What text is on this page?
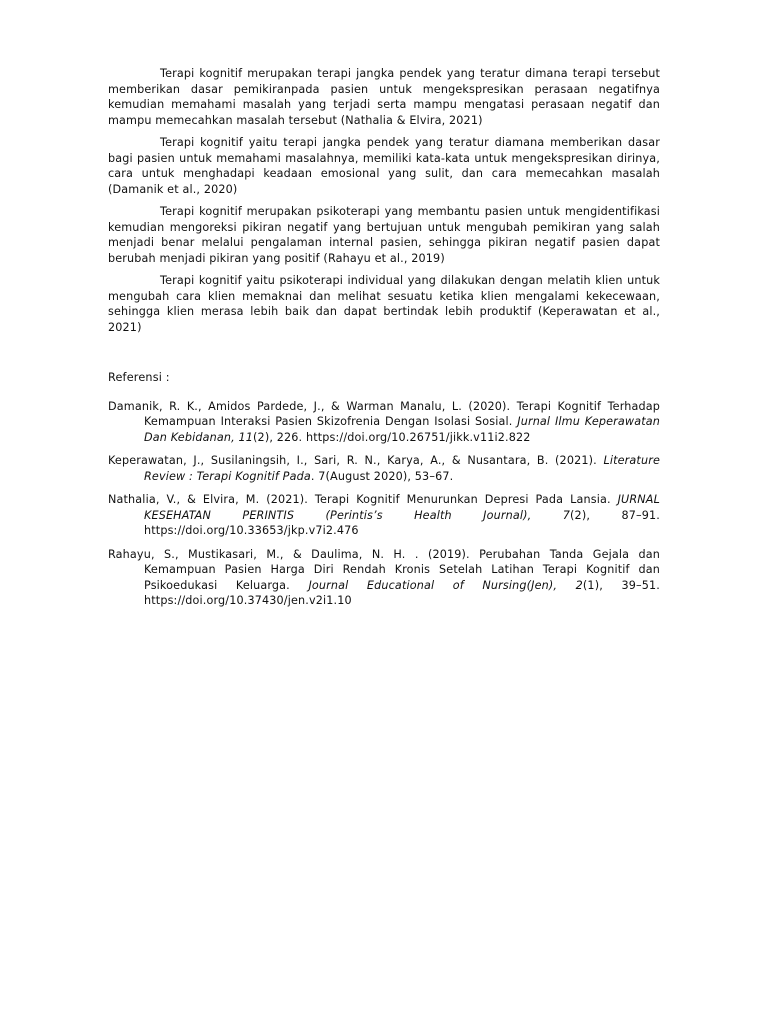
Terapi kognitif merupakan terapi jangka pendek yang teratur dimana terapi tersebut memberikan dasar pemikiranpada pasien untuk mengekspresikan perasaan negatifnya kemudian memahami masalah yang terjadi serta mampu mengatasi perasaan negatif dan mampu memecahkan masalah tersebut (Nathalia & Elvira, 2021)

Terapi kognitif yaitu terapi jangka pendek yang teratur diamana memberikan dasar bagi pasien untuk memahami masalahnya, memiliki kata-kata untuk mengekspresikan dirinya, cara untuk menghadapi keadaan emosional yang sulit, dan cara memecahkan masalah (Damanik et al., 2020)

Terapi kognitif merupakan psikoterapi yang membantu pasien untuk mengidentifikasi kemudian mengoreksi pikiran negatif yang bertujuan untuk mengubah pemikiran yang salah menjadi benar melalui pengalaman internal pasien, sehingga pikiran negatif pasien dapat berubah menjadi pikiran yang positif (Rahayu et al., 2019)

Terapi kognitif yaitu psikoterapi individual yang dilakukan dengan melatih klien untuk mengubah cara klien memaknai dan melihat sesuatu ketika klien mengalami kekecewaan, sehingga klien merasa lebih baik dan dapat bertindak lebih produktif (Keperawatan et al., 2021)

Referensi :

Damanik, R. K., Amidos Pardede, J., & Warman Manalu, L. (2020). Terapi Kognitif Terhadap Kemampuan Interaksi Pasien Skizofrenia Dengan Isolasi Sosial. Jurnal Ilmu Keperawatan Dan Kebidanan, 11(2), 226. https://doi.org/10.26751/jikk.v11i2.822

Keperawatan, J., Susilaningsih, I., Sari, R. N., Karya, A., & Nusantara, B. (2021). Literature Review : Terapi Kognitif Pada. 7(August 2020), 53–67.

Nathalia, V., & Elvira, M. (2021). Terapi Kognitif Menurunkan Depresi Pada Lansia. JURNAL KESEHATAN PERINTIS (Perintis’s Health Journal), 7(2), 87–91. https://doi.org/10.33653/jkp.v7i2.476

Rahayu, S., Mustikasari, M., & Daulima, N. H. . (2019). Perubahan Tanda Gejala dan Kemampuan Pasien Harga Diri Rendah Kronis Setelah Latihan Terapi Kognitif dan Psikoedukasi Keluarga. Journal Educational of Nursing(Jen), 2(1), 39–51. https://doi.org/10.37430/jen.v2i1.10
